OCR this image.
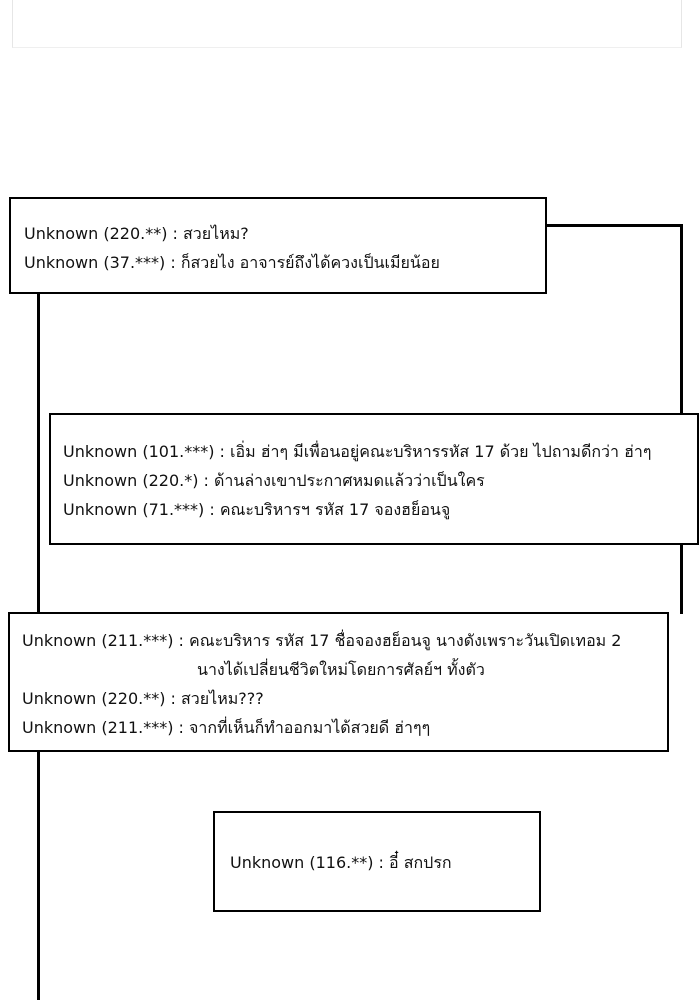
Unknown (220.**) : สวยไหม?
Unknown (37.***) : ก็สวยไง อาจารย์ถึงได้ควงเป็นเมียน้อย
Unknown (101.***) : เอิ่ม ฮ่าๆ มีเพื่อนอยู่คณะบริหารรหัส 17 ด้วย ไปถามดีกว่า ฮ่าๆ
Unknown (220.*) : ด้านล่างเขาประกาศหมดแล้วว่าเป็นใคร
Unknown (71.***) : คณะบริหารฯ รหัส 17 จองฮย็อนจู
Unknown (211.***) : คณะบริหาร รหัส 17 ชื่อจองฮย็อนจู นางดังเพราะวันเปิดเทอม 2
นางได้เปลี่ยนชีวิตใหม่โดยการศัลย์ฯ ทั้งตัว
Unknown (220.**) : สวยไหม???
Unknown (211.***) : จากที่เห็นก็ทำออกมาได้สวยดี ฮ่าๆๆ
Unknown (116.**) : อี๋ สกปรก
